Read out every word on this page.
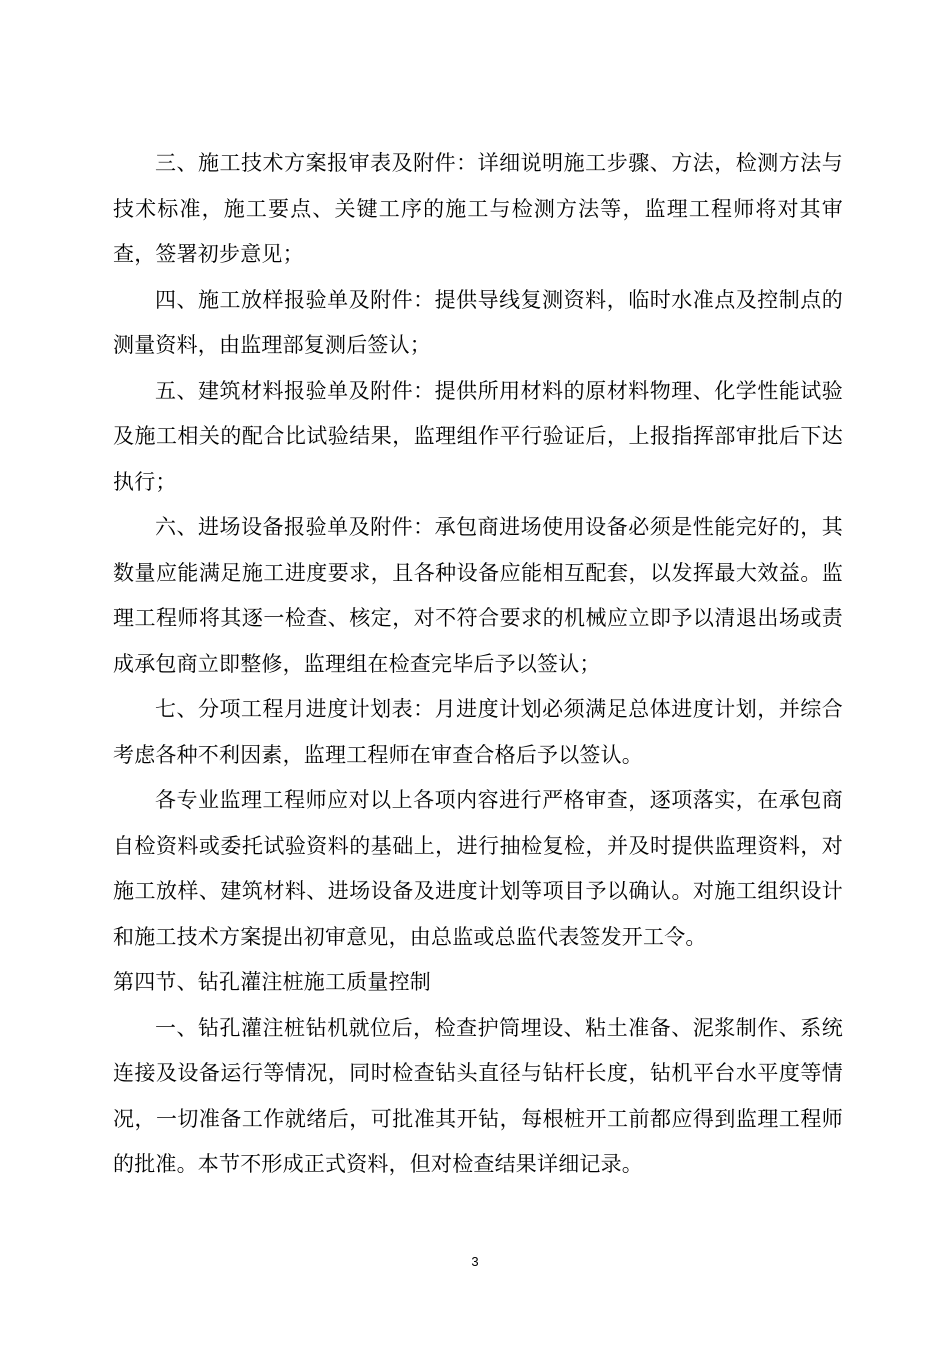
三、施工技术方案报审表及附件：详细说明施工步骤、方法，检测方法与技术标准，施工要点、关键工序的施工与检测方法等，监理工程师将对其审查，签署初步意见；

四、施工放样报验单及附件：提供导线复测资料，临时水准点及控制点的测量资料，由监理部复测后签认；

五、建筑材料报验单及附件：提供所用材料的原材料物理、化学性能试验及施工相关的配合比试验结果，监理组作平行验证后，上报指挥部审批后下达执行；

六、进场设备报验单及附件：承包商进场使用设备必须是性能完好的，其数量应能满足施工进度要求，且各种设备应能相互配套，以发挥最大效益。监理工程师将其逐一检查、核定，对不符合要求的机械应立即予以清退出场或责成承包商立即整修，监理组在检查完毕后予以签认；

七、分项工程月进度计划表：月进度计划必须满足总体进度计划，并综合考虑各种不利因素，监理工程师在审查合格后予以签认。

各专业监理工程师应对以上各项内容进行严格审查，逐项落实，在承包商自检资料或委托试验资料的基础上，进行抽检复检，并及时提供监理资料，对施工放样、建筑材料、进场设备及进度计划等项目予以确认。对施工组织设计和施工技术方案提出初审意见，由总监或总监代表签发开工令。

第四节、钻孔灌注桩施工质量控制

一、钻孔灌注桩钻机就位后，检查护筒埋设、粘土准备、泥浆制作、系统连接及设备运行等情况，同时检查钻头直径与钻杆长度，钻机平台水平度等情况，一切准备工作就绪后，可批准其开钻，每根桩开工前都应得到监理工程师的批准。本节不形成正式资料，但对检查结果详细记录。

3
